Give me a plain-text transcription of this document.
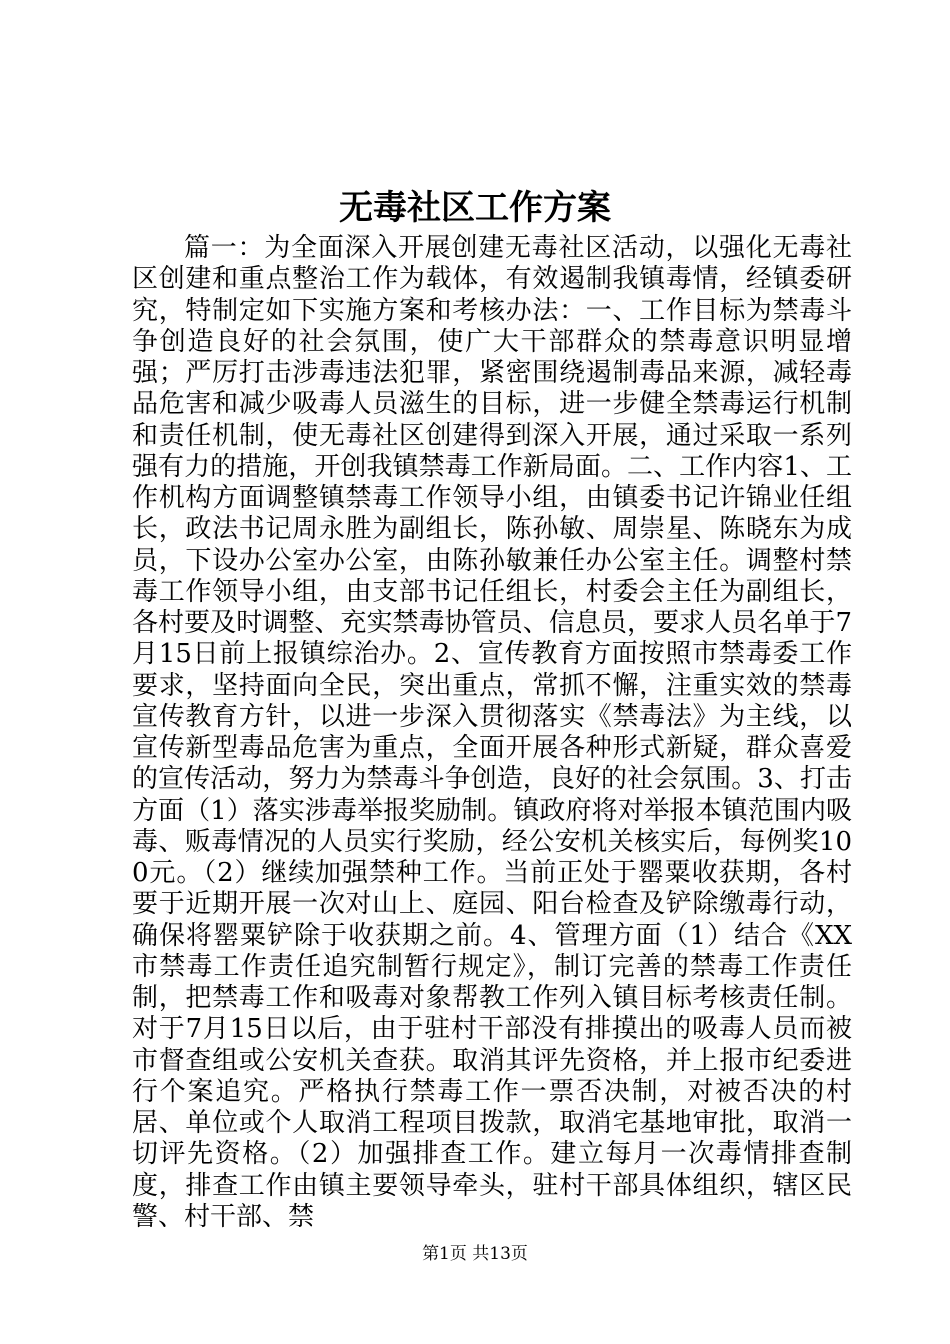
无毒社区工作方案

篇一：为全面深入开展创建无毒社区活动，以强化无毒社区创建和重点整治工作为载体，有效遏制我镇毒情，经镇委研究，特制定如下实施方案和考核办法：一、工作目标为禁毒斗争创造良好的社会氛围，使广大干部群众的禁毒意识明显增强；严厉打击涉毒违法犯罪，紧密围绕遏制毒品来源，减轻毒品危害和减少吸毒人员滋生的目标，进一步健全禁毒运行机制和责任机制，使无毒社区创建得到深入开展，通过采取一系列强有力的措施，开创我镇禁毒工作新局面。二、工作内容1、工作机构方面调整镇禁毒工作领导小组，由镇委书记许锦业任组长，政法书记周永胜为副组长，陈孙敏、周崇星、陈晓东为成员，下设办公室办公室，由陈孙敏兼任办公室主任。调整村禁毒工作领导小组，由支部书记任组长，村委会主任为副组长，各村要及时调整、充实禁毒协管员、信息员，要求人员名单于7月15日前上报镇综治办。2、宣传教育方面按照市禁毒委工作要求，坚持面向全民，突出重点，常抓不懈，注重实效的禁毒宣传教育方针，以进一步深入贯彻落实《禁毒法》为主线，以宣传新型毒品危害为重点，全面开展各种形式新疑，群众喜爱的宣传活动，努力为禁毒斗争创造，良好的社会氛围。3、打击方面（1）落实涉毒举报奖励制。镇政府将对举报本镇范围内吸毒、贩毒情况的人员实行奖励，经公安机关核实后，每例奖100元。（2）继续加强禁种工作。当前正处于罂粟收获期，各村要于近期开展一次对山上、庭园、阳台检查及铲除缴毒行动，确保将罂粟铲除于收获期之前。4、管理方面（1）结合《XX市禁毒工作责任追究制暂行规定》，制订完善的禁毒工作责任制，把禁毒工作和吸毒对象帮教工作列入镇目标考核责任制。对于7月15日以后，由于驻村干部没有排摸出的吸毒人员而被市督查组或公安机关查获。取消其评先资格，并上报市纪委进行个案追究。严格执行禁毒工作一票否决制，对被否决的村居、单位或个人取消工程项目拨款，取消宅基地审批，取消一切评先资格。（2）加强排查工作。建立每月一次毒情排查制度，排查工作由镇主要领导牵头，驻村干部具体组织，辖区民警、村干部、禁

第1页 共13页
